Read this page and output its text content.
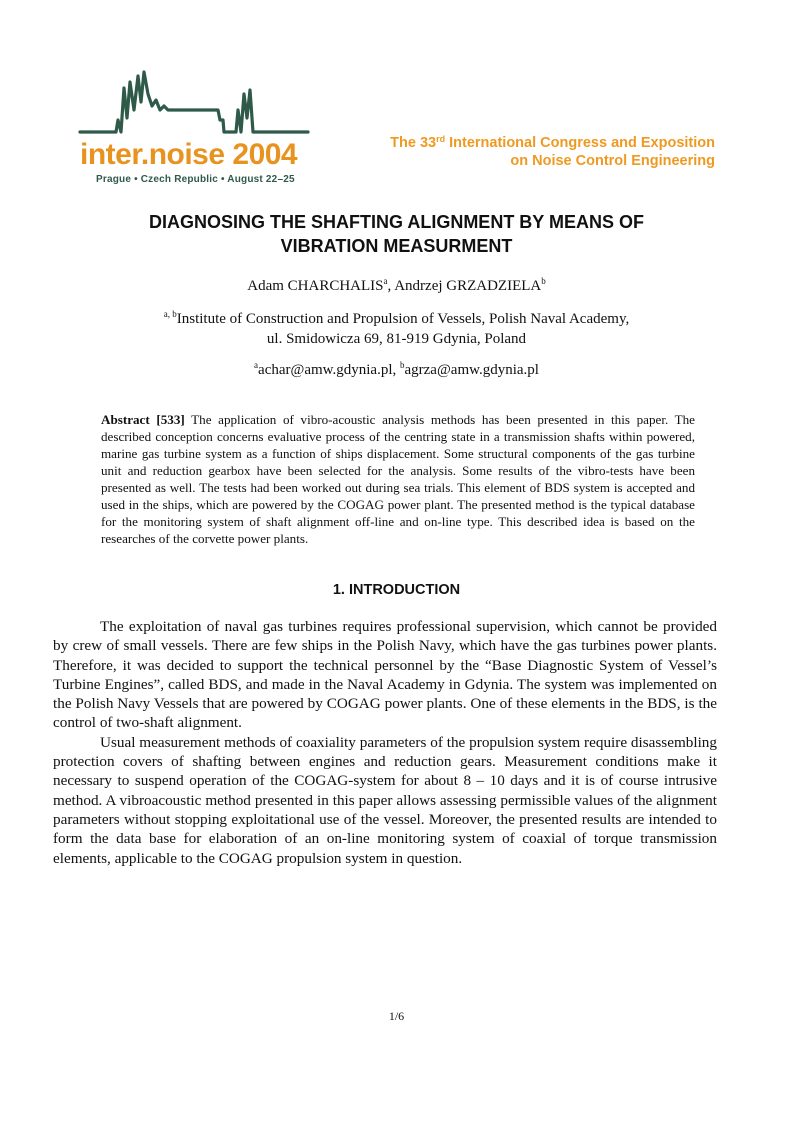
inter.noise 2004
Prague • Czech Republic • August 22–25
The 33rd International Congress and Exposition
on Noise Control Engineering
DIAGNOSING THE SHAFTING ALIGNMENT BY MEANS OF
VIBRATION MEASURMENT
Adam CHARCHALIS$^a$, Andrzej GRZADZIELA$^b$
$^{a, b}$Institute of Construction and Propulsion of Vessels, Polish Naval Academy,
ul. Smidowicza 69, 81-919 Gdynia, Poland
$^a$achar@amw.gdynia.pl, $^b$agrza@amw.gdynia.pl
Abstract [533] The application of vibro-acoustic analysis methods has been presented in this paper. The described conception concerns evaluative process of the centring state in a transmission shafts within powered, marine gas turbine system as a function of ships displacement. Some structural components of the gas turbine unit and reduction gearbox have been selected for the analysis. Some results of the vibro-tests have been presented as well. The tests had been worked out during sea trials. This element of BDS system is accepted and used in the ships, which are powered by the COGAG power plant. The presented method is the typical database for the monitoring system of shaft alignment off-line and on-line type. This described idea is based on the researches of the corvette power plants.
1. INTRODUCTION

The exploitation of naval gas turbines requires professional supervision, which cannot be provided by crew of small vessels. There are few ships in the Polish Navy, which have the gas turbines power plants. Therefore, it was decided to support the technical personnel by the “Base Diagnostic System of Vessel’s Turbine Engines”, called BDS, and made in the Naval Academy in Gdynia. The system was implemented on the Polish Navy Vessels that are powered by COGAG power plants. One of these elements in the BDS, is the control of two-shaft alignment.

Usual measurement methods of coaxiality parameters of the propulsion system require disassembling protection covers of shafting between engines and reduction gears. Measurement conditions make it necessary to suspend operation of the COGAG-system for about 8 – 10 days and it is of course intrusive method. A vibroacoustic method presented in this paper allows assessing permissible values of the alignment parameters without stopping exploitational use of the vessel. Moreover, the presented results are intended to form the data base for elaboration of an on-line monitoring system of coaxial of torque transmission elements, applicable to the COGAG propulsion system in question.

1/6
